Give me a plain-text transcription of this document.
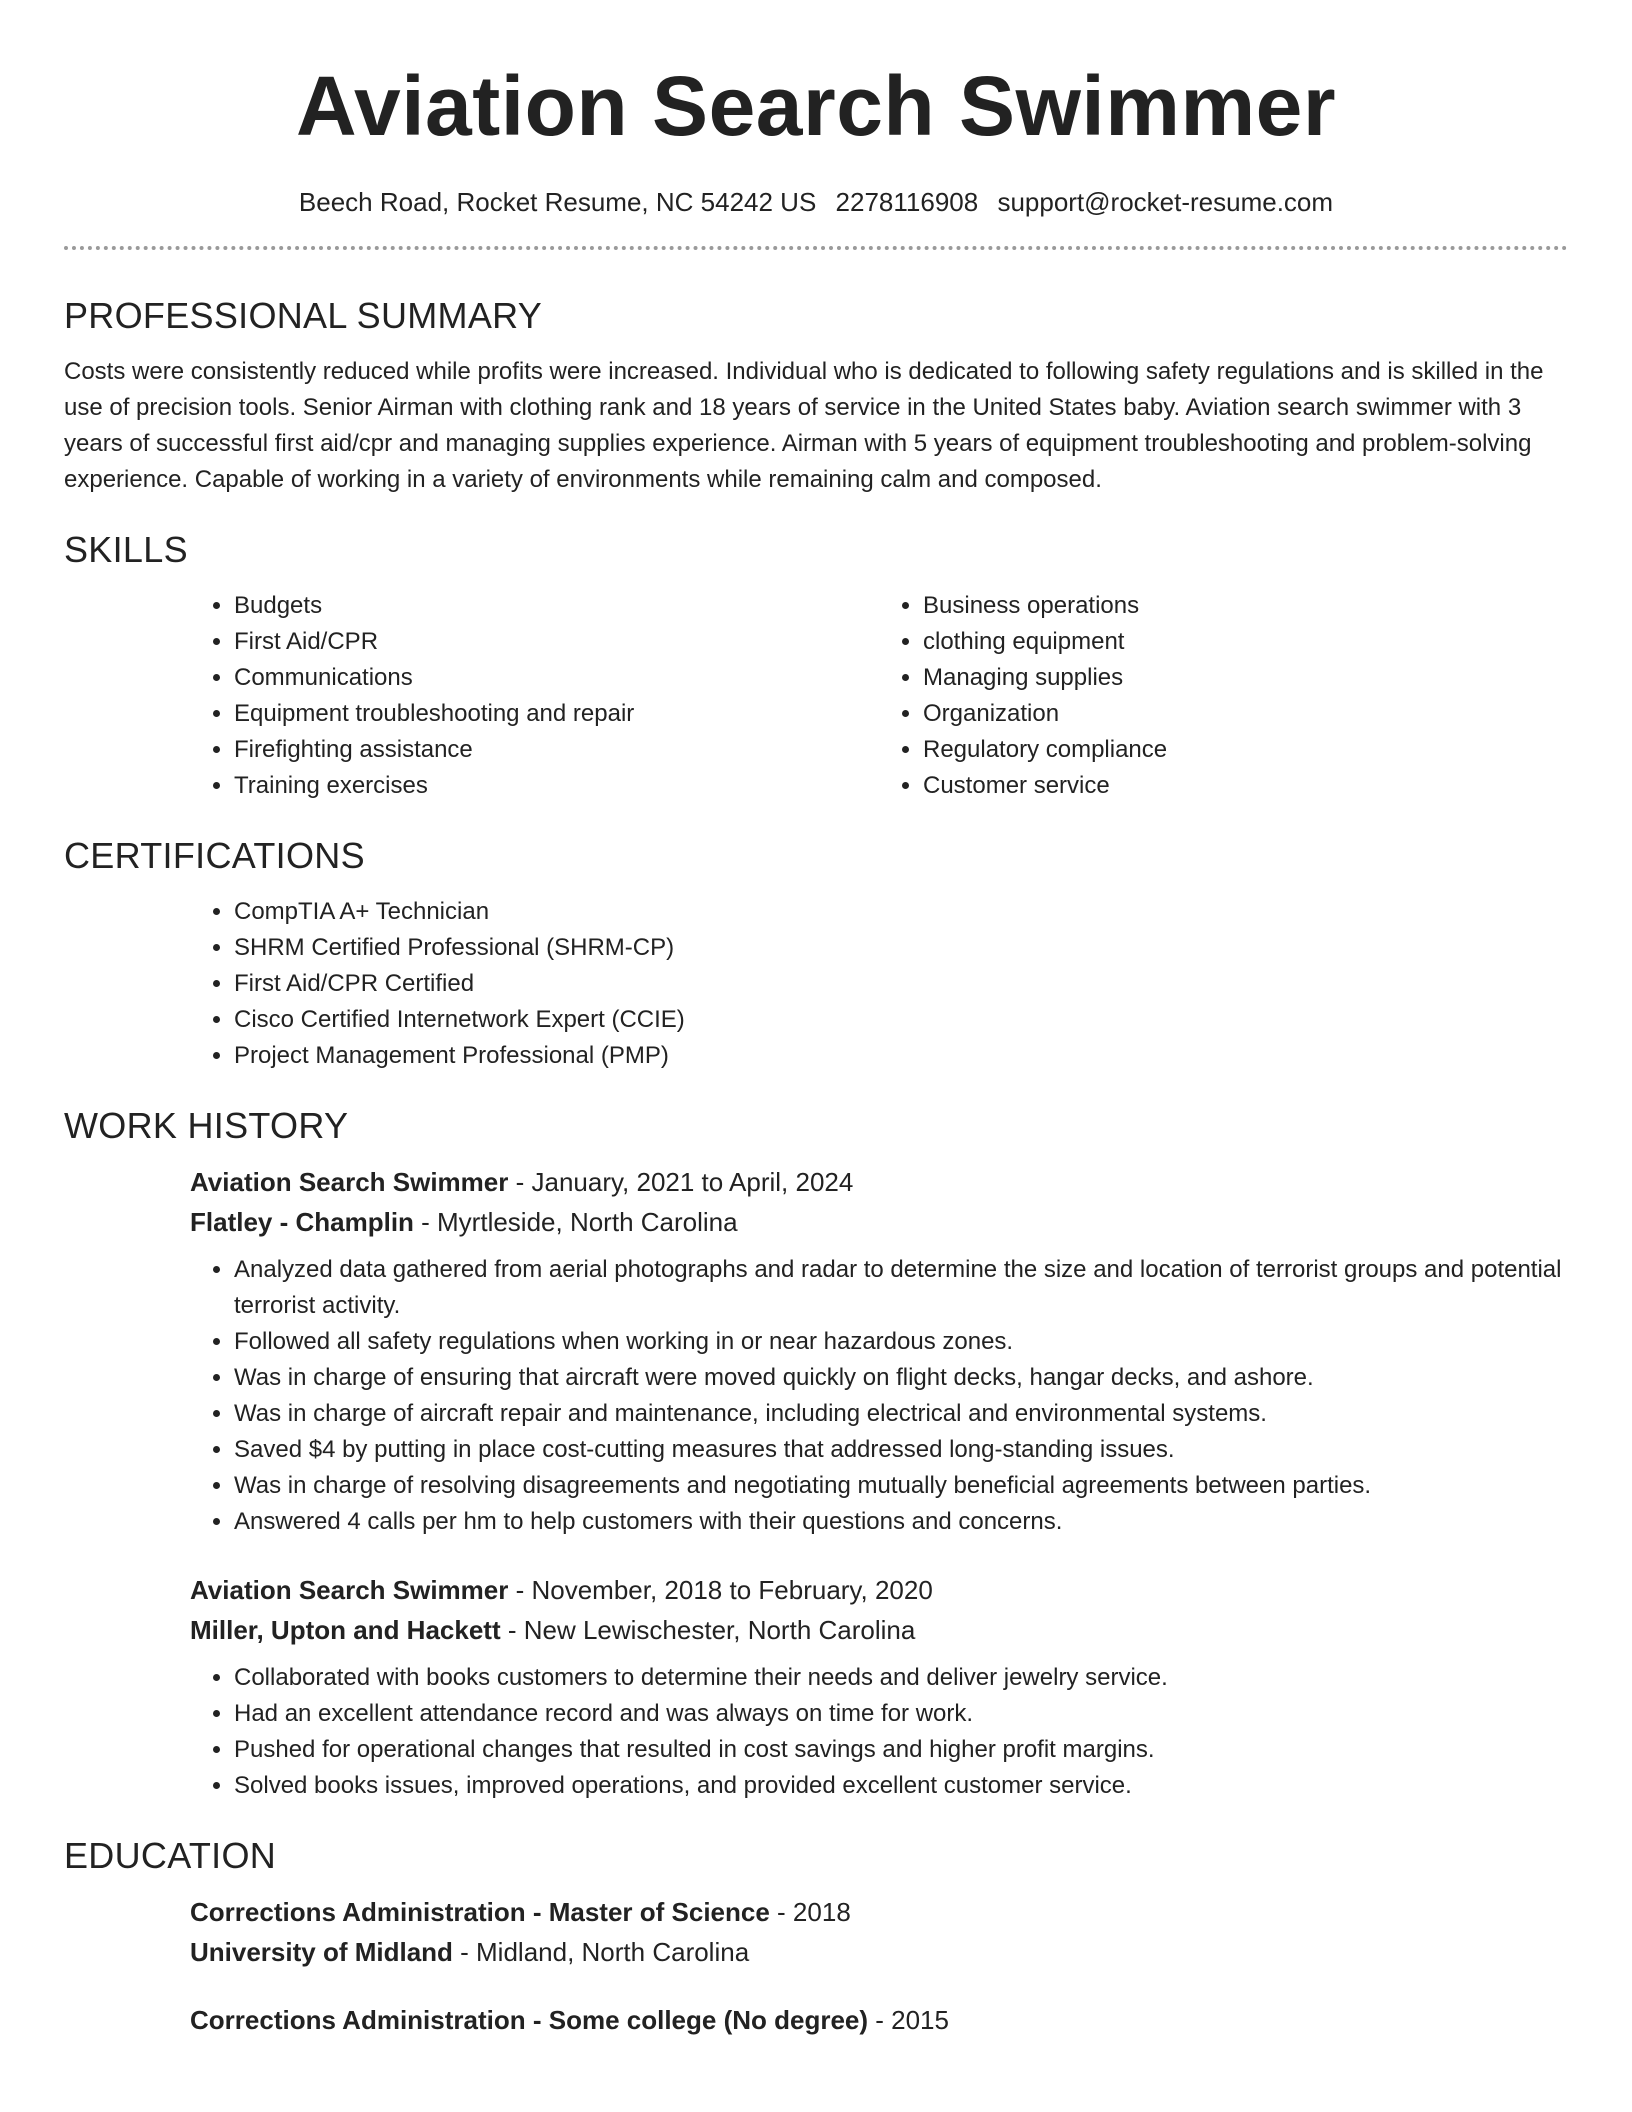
Aviation Search Swimmer
Beech Road, Rocket Resume, NC 54242 US 2278116908 support@rocket-resume.com
PROFESSIONAL SUMMARY

Costs were consistently reduced while profits were increased. Individual who is dedicated to following safety regulations and is skilled in the use of precision tools. Senior Airman with clothing rank and 18 years of service in the United States baby. Aviation search swimmer with 3 years of successful first aid/cpr and managing supplies experience. Airman with 5 years of equipment troubleshooting and problem-solving experience. Capable of working in a variety of environments while remaining calm and composed.

SKILLS
• Budgets
• First Aid/CPR
• Communications
• Equipment troubleshooting and repair
• Firefighting assistance
• Training exercises
• Business operations
• clothing equipment
• Managing supplies
• Organization
• Regulatory compliance
• Customer service
CERTIFICATIONS
• CompTIA A+ Technician
• SHRM Certified Professional (SHRM-CP)
• First Aid/CPR Certified
• Cisco Certified Internetwork Expert (CCIE)
• Project Management Professional (PMP)
WORK HISTORY
Aviation Search Swimmer - January, 2021 to April, 2024
Flatley - Champlin - Myrtleside, North Carolina
• Analyzed data gathered from aerial photographs and radar to determine the size and location of terrorist groups and potential terrorist activity.
• Followed all safety regulations when working in or near hazardous zones.
• Was in charge of ensuring that aircraft were moved quickly on flight decks, hangar decks, and ashore.
• Was in charge of aircraft repair and maintenance, including electrical and environmental systems.
• Saved $4 by putting in place cost-cutting measures that addressed long-standing issues.
• Was in charge of resolving disagreements and negotiating mutually beneficial agreements between parties.
• Answered 4 calls per hm to help customers with their questions and concerns.
Aviation Search Swimmer - November, 2018 to February, 2020
Miller, Upton and Hackett - New Lewischester, North Carolina
• Collaborated with books customers to determine their needs and deliver jewelry service.
• Had an excellent attendance record and was always on time for work.
• Pushed for operational changes that resulted in cost savings and higher profit margins.
• Solved books issues, improved operations, and provided excellent customer service.
EDUCATION
Corrections Administration - Master of Science - 2018
University of Midland - Midland, North Carolina
Corrections Administration - Some college (No degree) - 2015
